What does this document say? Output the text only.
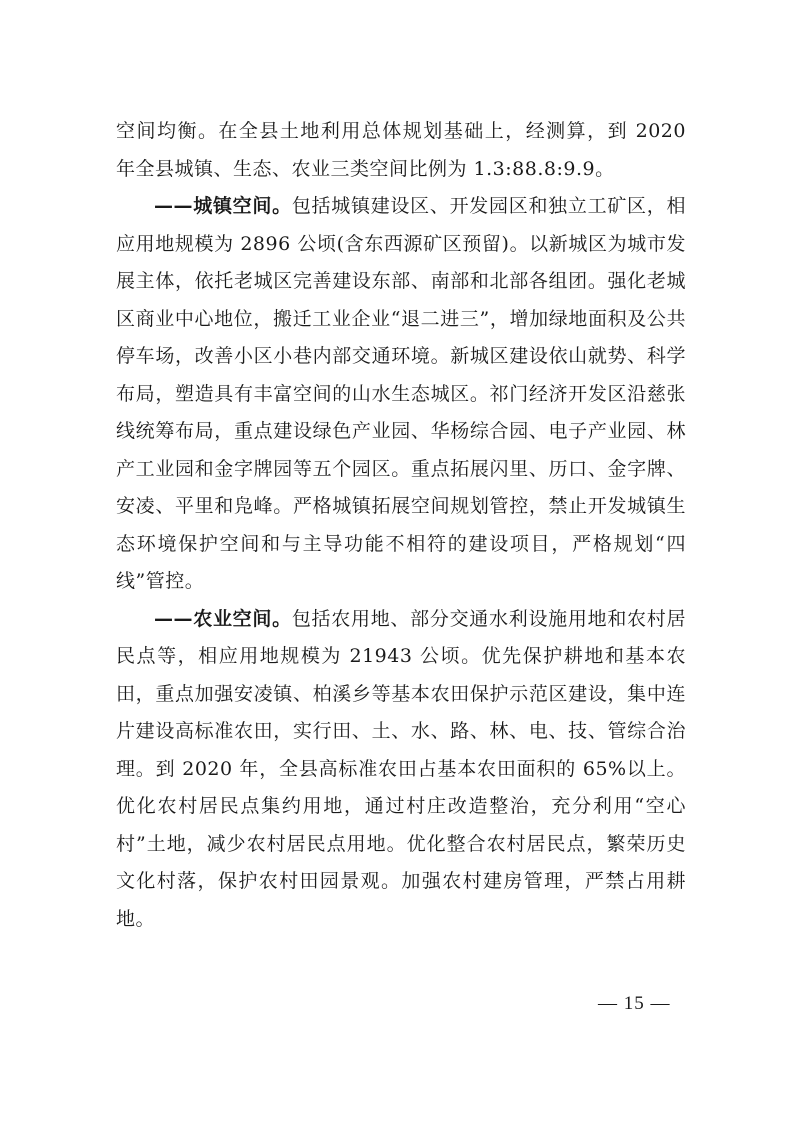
空间均衡。在全县土地利用总体规划基础上，经测算，到 2020 年全县城镇、生态、农业三类空间比例为 1.3:88.8:9.9。

——城镇空间。包括城镇建设区、开发园区和独立工矿区，相应用地规模为 2896 公顷(含东西源矿区预留)。以新城区为城市发展主体，依托老城区完善建设东部、南部和北部各组团。强化老城区商业中心地位，搬迁工业企业“退二进三”，增加绿地面积及公共停车场，改善小区小巷内部交通环境。新城区建设依山就势、科学布局，塑造具有丰富空间的山水生态城区。祁门经济开发区沿慈张线统筹布局，重点建设绿色产业园、华杨综合园、电子产业园、林产工业园和金字牌园等五个园区。重点拓展闪里、历口、金字牌、安凌、平里和凫峰。严格城镇拓展空间规划管控，禁止开发城镇生态环境保护空间和与主导功能不相符的建设项目，严格规划“四线”管控。

——农业空间。包括农用地、部分交通水利设施用地和农村居民点等，相应用地规模为 21943 公顷。优先保护耕地和基本农田，重点加强安凌镇、柏溪乡等基本农田保护示范区建设，集中连片建设高标准农田，实行田、土、水、路、林、电、技、管综合治理。到 2020 年，全县高标准农田占基本农田面积的 65%以上。优化农村居民点集约用地，通过村庄改造整治，充分利用“空心村”土地，减少农村居民点用地。优化整合农村居民点，繁荣历史文化村落，保护农村田园景观。加强农村建房管理，严禁占用耕地。

— 15 —
